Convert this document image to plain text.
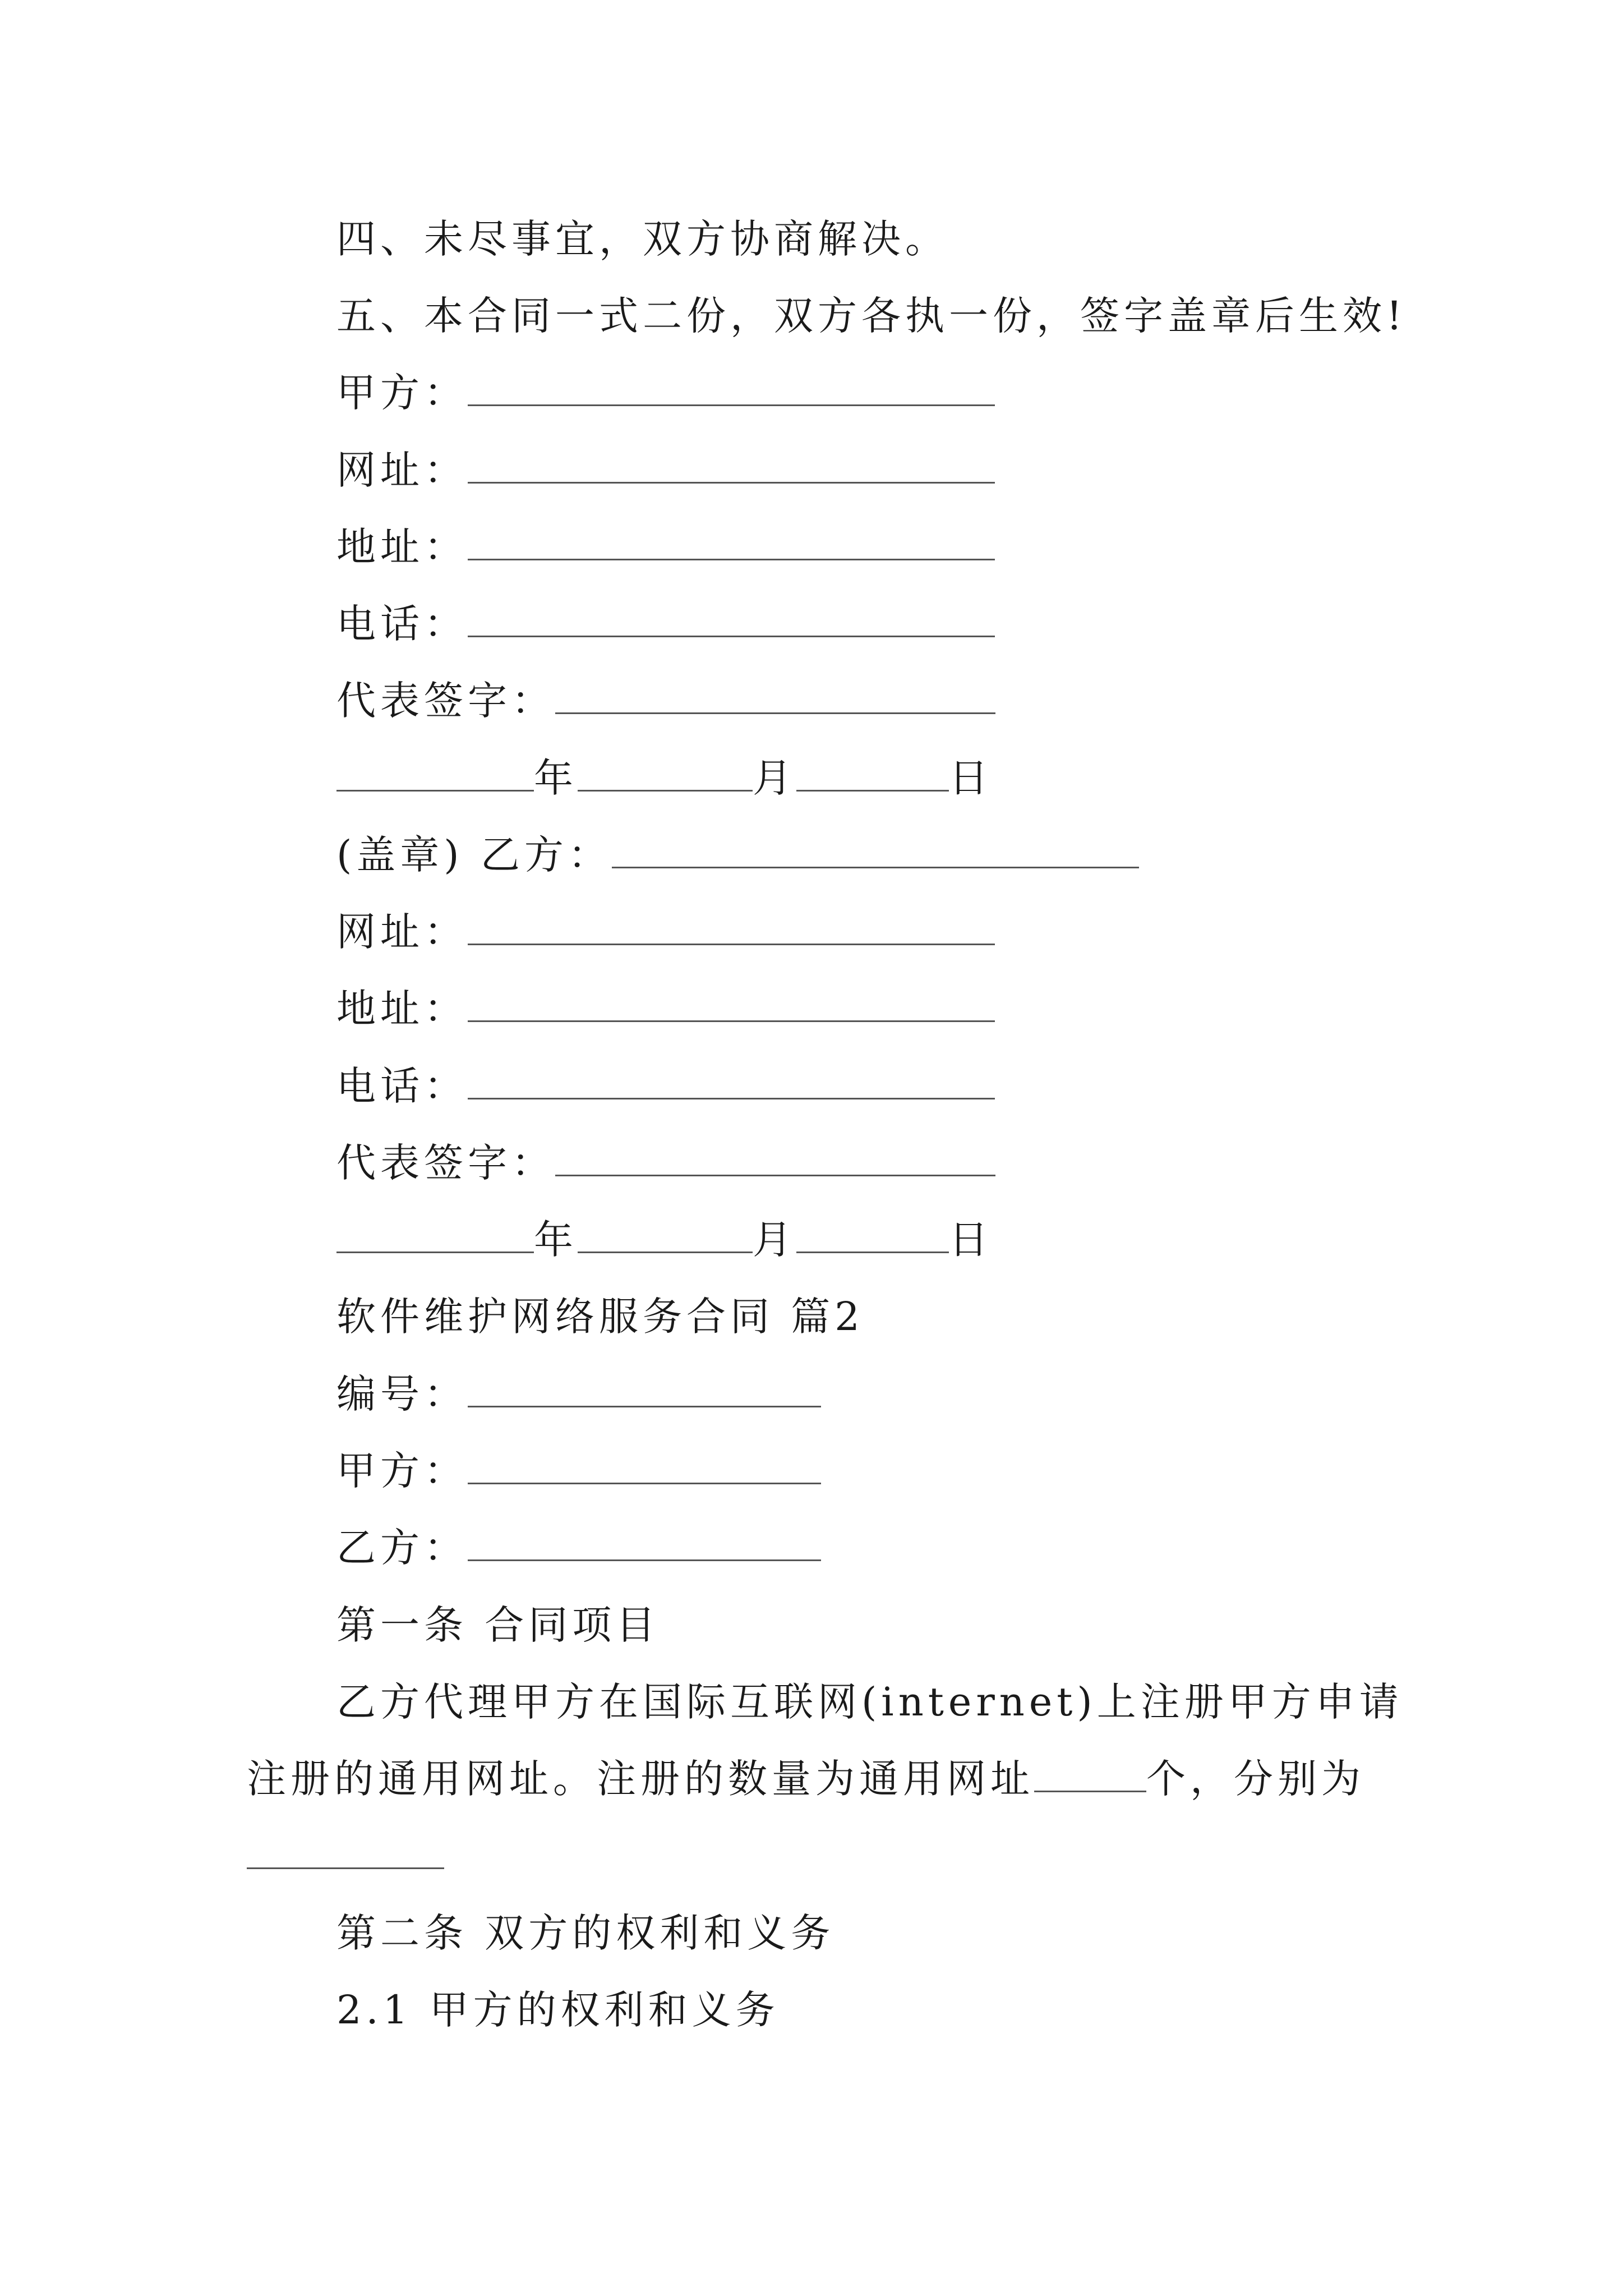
四、未尽事宜，双方协商解决。
五、本合同一式二份，双方各执一份，签字盖章后生效!
甲方：
网址：
地址：
电话：
代表签字：
年	月	日
(盖章) 乙方：
网址：
地址：
电话：
代表签字：
年	月	日
软件维护网络服务合同 篇2
编号：
甲方：
乙方：
第一条 合同项目
乙方代理甲方在国际互联网(internet)上注册甲方申请
注册的通用网址。注册的数量为通用网址	个，分别为
第二条 双方的权利和义务
2.1 甲方的权利和义务
